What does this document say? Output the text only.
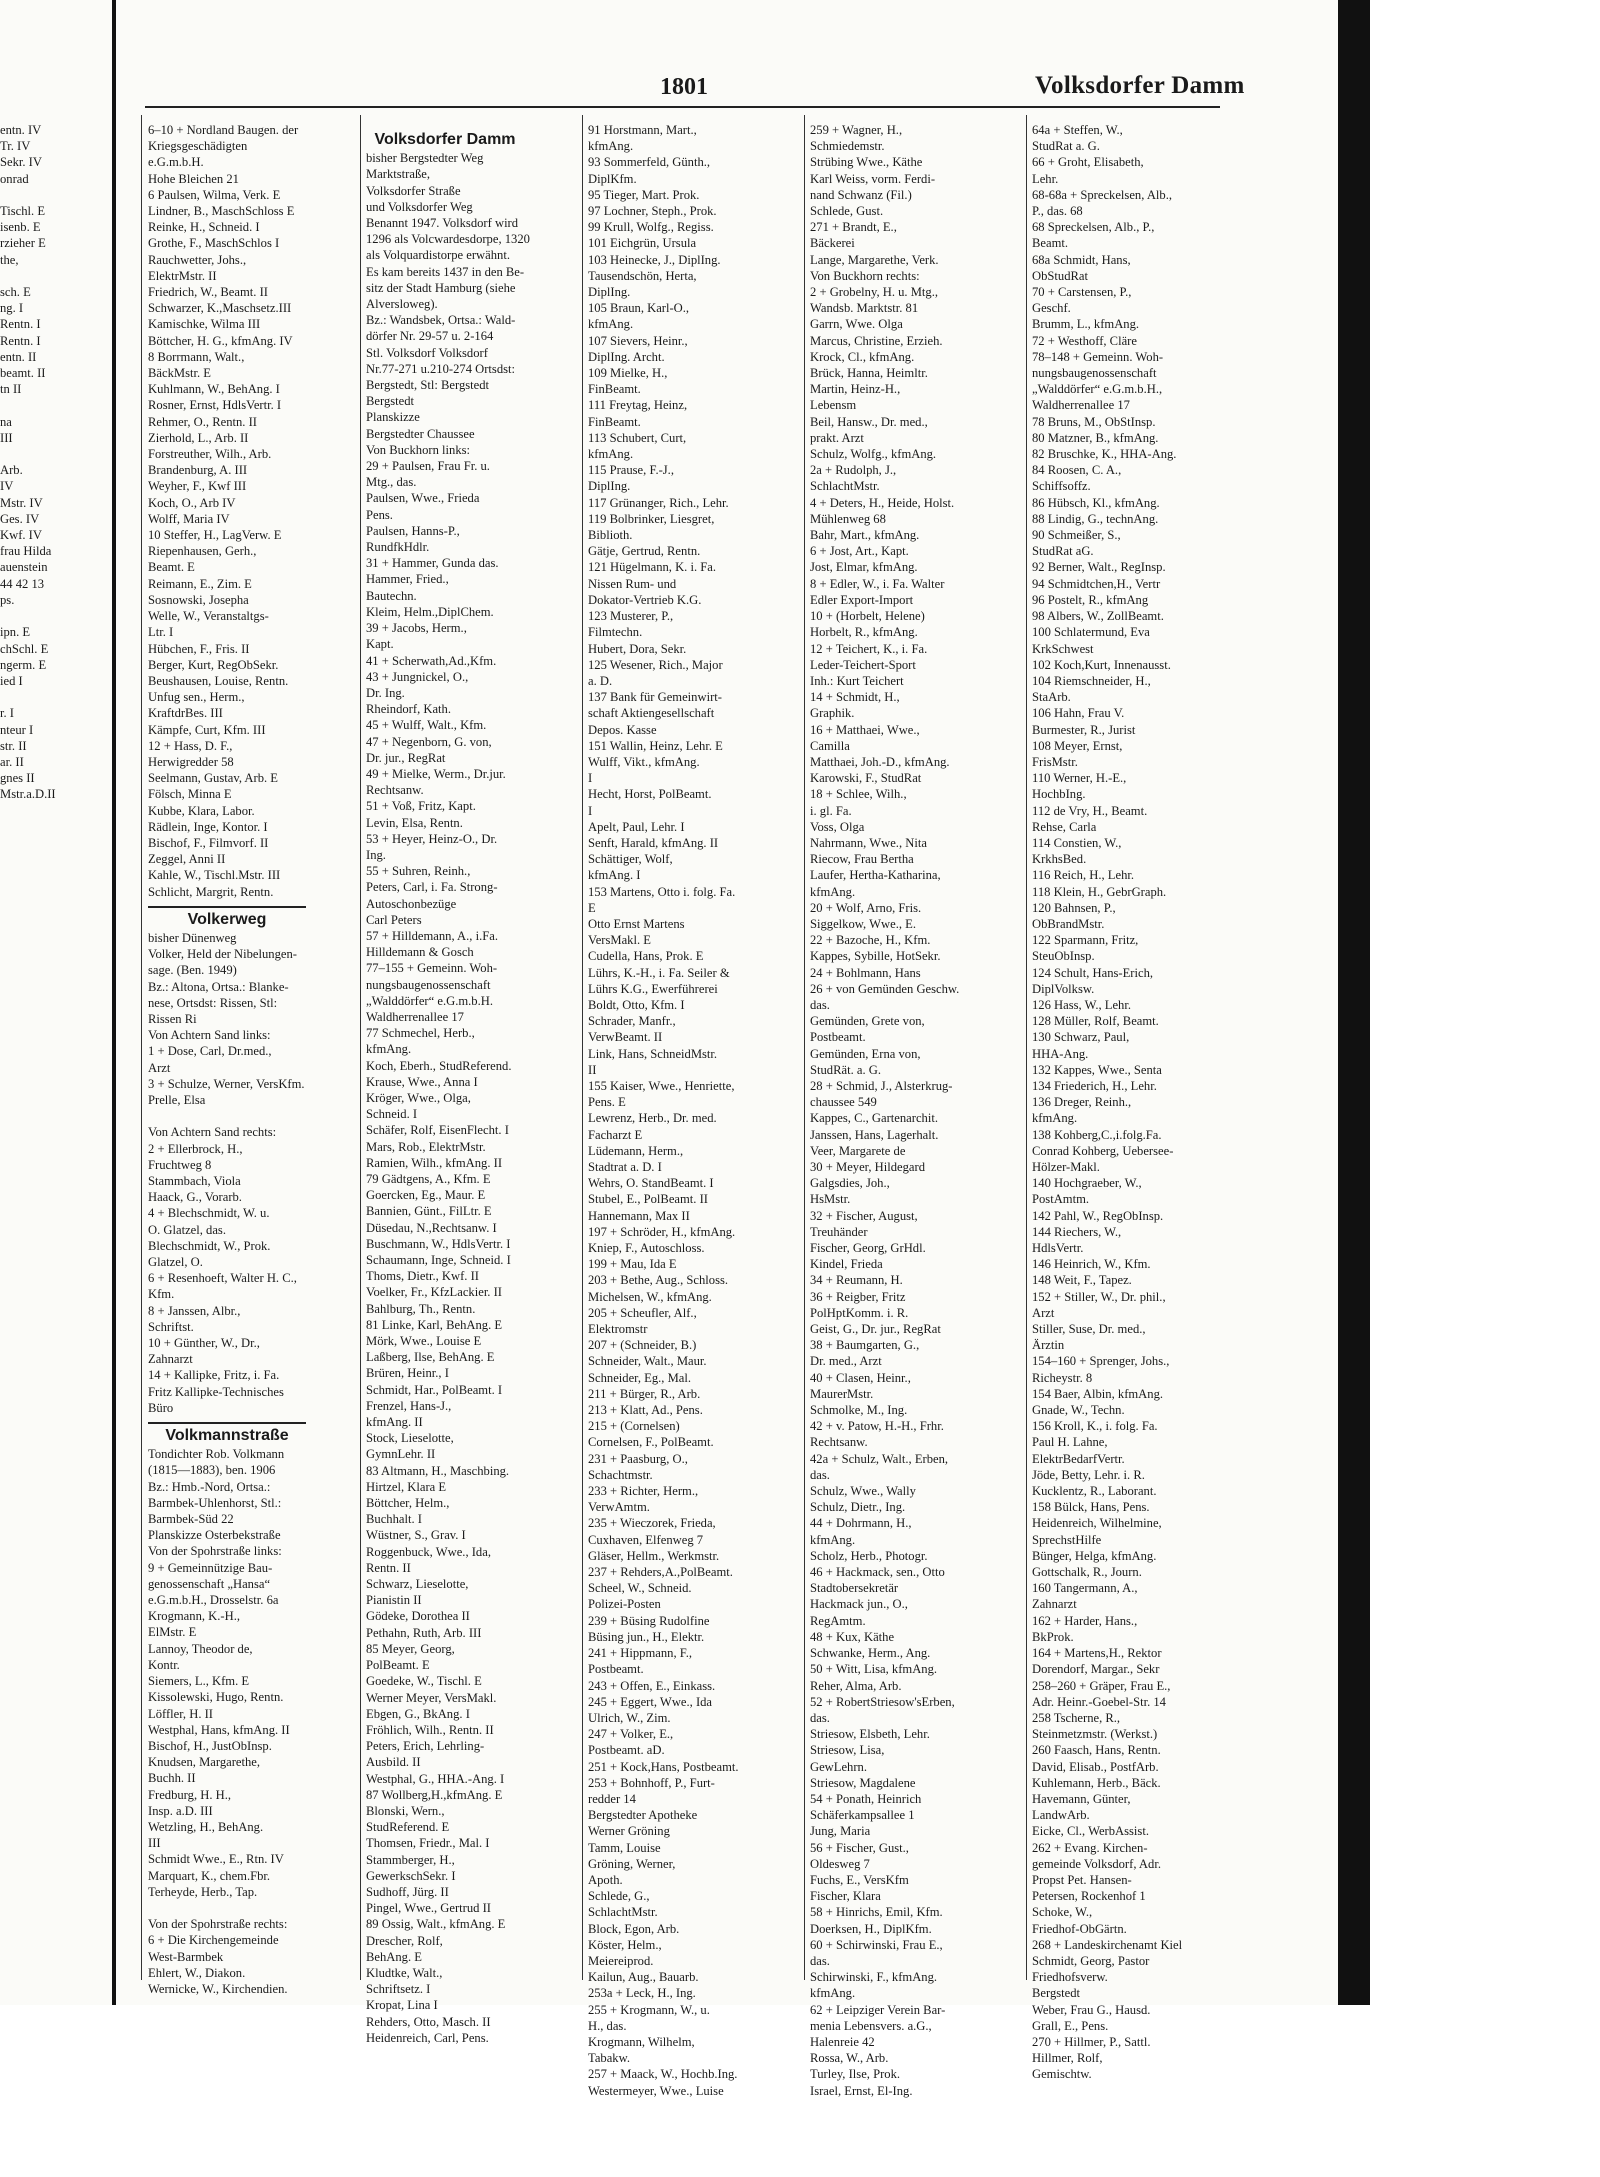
1801	Volksdorfer Damm
entn. IV
Tr. IV
Sekr. IV
onrad

Tischl. E
isenb. E
rzieher E
the,

sch. E
ng. I
Rentn. I
Rentn. I
entn. II
beamt. II
tn II

na
III

Arb.
IV
Mstr. IV
Ges. IV
Kwf. IV
frau Hilda
auenstein
44 42 13
ps.

ipn. E
chSchl. E
ngerm. E
ied I

r. I
nteur I
str. II
ar. II
gnes II
Mstr.a.D.II
6–10 + Nordland Baugen. der
Kriegsgeschädigten
e.G.m.b.H.
Hohe Bleichen 21
6 Paulsen, Wilma, Verk. E
Lindner, B., MaschSchloss E
Reinke, H., Schneid. I
Grothe, F., MaschSchlos I
Rauchwetter, Johs.,
ElektrMstr. II
Friedrich, W., Beamt. II
Schwarzer, K.,Maschsetz.III
Kamischke, Wilma III
Böttcher, H. G., kfmAng. IV
8 Borrmann, Walt.,
BäckMstr. E
Kuhlmann, W., BehAng. I
Rosner, Ernst, HdlsVertr. I
Rehmer, O., Rentn. II
Zierhold, L., Arb. II
Forstreuther, Wilh., Arb.
Brandenburg, A. III
Weyher, F., Kwf III
Koch, O., Arb IV
Wolff, Maria IV
10 Steffer, H., LagVerw. E
Riepenhausen, Gerh.,
Beamt. E
Reimann, E., Zim. E
Sosnowski, Josepha
Welle, W., Veranstaltgs-
Ltr. I
Hübchen, F., Fris. II
Berger, Kurt, RegObSekr.
Beushausen, Louise, Rentn.
Unfug sen., Herm.,
KraftdrBes. III
Kämpfe, Curt, Kfm. III
12 + Hass, D. F.,
Herwigredder 58
Seelmann, Gustav, Arb. E
Fölsch, Minna E
Kubbe, Klara, Labor.
Rädlein, Inge, Kontor. I
Bischof, F., Filmvorf. II
Zeggel, Anni II
Kahle, W., Tischl.Mstr. III
Schlicht, Margrit, Rentn.
Volkerweg
bisher Dünenweg
Volker, Held der Nibelungen-
sage. (Ben. 1949)
Bz.: Altona, Ortsa.: Blanke-
nese, Ortsdst: Rissen, Stl:
Rissen Ri
Von Achtern Sand links:
1 + Dose, Carl, Dr.med.,
Arzt
3 + Schulze, Werner, VersKfm.
Prelle, Elsa

Von Achtern Sand rechts:
2 + Ellerbrock, H.,
Fruchtweg 8
Stammbach, Viola
Haack, G., Vorarb.
4 + Blechschmidt, W. u.
O. Glatzel, das.
Blechschmidt, W., Prok.
Glatzel, O.
6 + Resenhoeft, Walter H. C.,
Kfm.
8 + Janssen, Albr.,
Schriftst.
10 + Günther, W., Dr.,
Zahnarzt
14 + Kallipke, Fritz, i. Fa.
Fritz Kallipke-Technisches
Büro
Volkmannstraße
Tondichter Rob. Volkmann
(1815—1883), ben. 1906
Bz.: Hmb.-Nord, Ortsa.:
Barmbek-Uhlenhorst, Stl.:
Barmbek-Süd 22
Planskizze Osterbekstraße
Von der Spohrstraße links:
9 + Gemeinnützige Bau-
genossenschaft „Hansa“
e.G.m.b.H., Drosselstr. 6a
Krogmann, K.-H.,
ElMstr. E
Lannoy, Theodor de,
Kontr.
Siemers, L., Kfm. E
Kissolewski, Hugo, Rentn.
Löffler, H. II
Westphal, Hans, kfmAng. II
Bischof, H., JustObInsp.
Knudsen, Margarethe,
Buchh. II
Fredburg, H. H.,
Insp. a.D. III
Wetzling, H., BehAng.
III
Schmidt Wwe., E., Rtn. IV
Marquart, K., chem.Fbr.
Terheyde, Herb., Tap.

Von der Spohrstraße rechts:
6 + Die Kirchengemeinde
West-Barmbek
Ehlert, W., Diakon.
Wernicke, W., Kirchendien.
Volksdorfer Damm
bisher Bergstedter Weg
Marktstraße,
Volksdorfer Straße
und Volksdorfer Weg
Benannt 1947. Volksdorf wird
1296 als Volcwardesdorpe, 1320
als Volquardistorpe erwähnt.
Es kam bereits 1437 in den Be-
sitz der Stadt Hamburg (siehe
Alversloweg).
Bz.: Wandsbek, Ortsa.: Wald-
dörfer Nr. 29-57 u. 2-164
Stl. Volksdorf Volksdorf
Nr.77-271 u.210-274 Ortsdst:
Bergstedt, Stl: Bergstedt
Bergstedt
Planskizze
Bergstedter Chaussee
Von Buckhorn links:
29 + Paulsen, Frau Fr. u.
Mtg., das.
Paulsen, Wwe., Frieda
Pens.
Paulsen, Hanns-P.,
RundfkHdlr.
31 + Hammer, Gunda das.
Hammer, Fried.,
Bautechn.
Kleim, Helm.,DiplChem.
39 + Jacobs, Herm.,
Kapt.
41 + Scherwath,Ad.,Kfm.
43 + Jungnickel, O.,
Dr. Ing.
Rheindorf, Kath.
45 + Wulff, Walt., Kfm.
47 + Negenborn, G. von,
Dr. jur., RegRat
49 + Mielke, Werm., Dr.jur.
Rechtsanw.
51 + Voß, Fritz, Kapt.
Levin, Elsa, Rentn.
53 + Heyer, Heinz-O., Dr.
Ing.
55 + Suhren, Reinh.,
Peters, Carl, i. Fa. Strong-
Autoschonbezüge
Carl Peters
57 + Hilldemann, A., i.Fa.
Hilldemann & Gosch
77–155 + Gemeinn. Woh-
nungsbaugenossenschaft
„Walddörfer“ e.G.m.b.H.
Waldherrenallee 17
77 Schmechel, Herb.,
kfmAng.
Koch, Eberh., StudReferend.
Krause, Wwe., Anna I
Kröger, Wwe., Olga,
Schneid. I
Schäfer, Rolf, EisenFlecht. I
Mars, Rob., ElektrMstr.
Ramien, Wilh., kfmAng. II
79 Gädtgens, A., Kfm. E
Goercken, Eg., Maur. E
Bannien, Günt., FilLtr. E
Düsedau, N.,Rechtsanw. I
Buschmann, W., HdlsVertr. I
Schaumann, Inge, Schneid. I
Thoms, Dietr., Kwf. II
Voelker, Fr., KfzLackier. II
Bahlburg, Th., Rentn.
81 Linke, Karl, BehAng. E
Mörk, Wwe., Louise E
Laßberg, Ilse, BehAng. E
Brüren, Heinr., I
Schmidt, Har., PolBeamt. I
Frenzel, Hans-J.,
kfmAng. II
Stock, Lieselotte,
GymnLehr. II
83 Altmann, H., Maschbing.
Hirtzel, Klara E
Böttcher, Helm.,
Buchhalt. I
Wüstner, S., Grav. I
Roggenbuck, Wwe., Ida,
Rentn. II
Schwarz, Lieselotte,
Pianistin II
Gödeke, Dorothea II
Pethahn, Ruth, Arb. III
85 Meyer, Georg,
PolBeamt. E
Goedeke, W., Tischl. E
Werner Meyer, VersMakl.
Ebgen, G., BkAng. I
Fröhlich, Wilh., Rentn. II
Peters, Erich, Lehrling-
Ausbild. II
Westphal, G., HHA.-Ang. I
87 Wollberg,H.,kfmAng. E
Blonski, Wern.,
StudReferend. E
Thomsen, Friedr., Mal. I
Stammberger, H.,
GewerkschSekr. I
Sudhoff, Jürg. II
Pingel, Wwe., Gertrud II
89 Ossig, Walt., kfmAng. E
Drescher, Rolf,
BehAng. E
Kludtke, Walt.,
Schriftsetz. I
Kropat, Lina I
Rehders, Otto, Masch. II
Heidenreich, Carl, Pens.
91 Horstmann, Mart.,
kfmAng.
93 Sommerfeld, Günth.,
DiplKfm.
95 Tieger, Mart. Prok.
97 Lochner, Steph., Prok.
99 Krull, Wolfg., Regiss.
101 Eichgrün, Ursula
103 Heinecke, J., DiplIng.
Tausendschön, Herta,
DiplIng.
105 Braun, Karl-O.,
kfmAng.
107 Sievers, Heinr.,
DiplIng. Archt.
109 Mielke, H.,
FinBeamt.
111 Freytag, Heinz,
FinBeamt.
113 Schubert, Curt,
kfmAng.
115 Prause, F.-J.,
DiplIng.
117 Grünanger, Rich., Lehr.
119 Bolbrinker, Liesgret,
Biblioth.
Gätje, Gertrud, Rentn.
121 Hügelmann, K. i. Fa.
Nissen Rum- und
Dokator-Vertrieb K.G.
123 Musterer, P.,
Filmtechn.
Hubert, Dora, Sekr.
125 Wesener, Rich., Major
a. D.
137 Bank für Gemeinwirt-
schaft Aktiengesellschaft
Depos. Kasse
151 Wallin, Heinz, Lehr. E
Wulff, Vikt., kfmAng.
I
Hecht, Horst, PolBeamt.
I
Apelt, Paul, Lehr. I
Senft, Harald, kfmAng. II
Schättiger, Wolf,
kfmAng. I
153 Martens, Otto i. folg. Fa.
E
Otto Ernst Martens
VersMakl. E
Cudella, Hans, Prok. E
Lührs, K.-H., i. Fa. Seiler &
Lührs K.G., Ewerführerei
Boldt, Otto, Kfm. I
Schrader, Manfr.,
VerwBeamt. II
Link, Hans, SchneidMstr.
II
155 Kaiser, Wwe., Henriette,
Pens. E
Lewrenz, Herb., Dr. med.
Facharzt E
Lüdemann, Herm.,
Stadtrat a. D. I
Wehrs, O. StandBeamt. I
Stubel, E., PolBeamt. II
Hannemann, Max II
197 + Schröder, H., kfmAng.
Kniep, F., Autoschloss.
199 + Mau, Ida E
203 + Bethe, Aug., Schloss.
Michelsen, W., kfmAng.
205 + Scheufler, Alf.,
Elektromstr
207 + (Schneider, B.)
Schneider, Walt., Maur.
Schneider, Eg., Mal.
211 + Bürger, R., Arb.
213 + Klatt, Ad., Pens.
215 + (Cornelsen)
Cornelsen, F., PolBeamt.
231 + Paasburg, O.,
Schachtmstr.
233 + Richter, Herm.,
VerwAmtm.
235 + Wieczorek, Frieda,
Cuxhaven, Elfenweg 7
Gläser, Hellm., Werkmstr.
237 + Rehders,A.,PolBeamt.
Scheel, W., Schneid.
Polizei-Posten
239 + Büsing Rudolfine
Büsing jun., H., Elektr.
241 + Hippmann, F.,
Postbeamt.
243 + Offen, E., Einkass.
245 + Eggert, Wwe., Ida
Ulrich, W., Zim.
247 + Volker, E.,
Postbeamt. aD.
251 + Kock,Hans, Postbeamt.
253 + Bohnhoff, P., Furt-
redder 14
Bergstedter Apotheke
Werner Gröning
Tamm, Louise
Gröning, Werner,
Apoth.
Schlede, G.,
SchlachtMstr.
Block, Egon, Arb.
Köster, Helm.,
Meiereiprod.
Kailun, Aug., Bauarb.
253a + Leck, H., Ing.
255 + Krogmann, W., u.
H., das.
Krogmann, Wilhelm,
Tabakw.
257 + Maack, W., Hochb.Ing.
Westermeyer, Wwe., Luise
259 + Wagner, H.,
Schmiedemstr.
Strübing Wwe., Käthe
Karl Weiss, vorm. Ferdi-
nand Schwanz (Fil.)
Schlede, Gust.
271 + Brandt, E.,
Bäckerei
Lange, Margarethe, Verk.
Von Buckhorn rechts:
2 + Grobelny, H. u. Mtg.,
Wandsb. Marktstr. 81
Garrn, Wwe. Olga
Marcus, Christine, Erzieh.
Krock, Cl., kfmAng.
Brück, Hanna, Heimltr.
Martin, Heinz-H.,
Lebensm
Beil, Hansw., Dr. med.,
prakt. Arzt
Schulz, Wolfg., kfmAng.
2a + Rudolph, J.,
SchlachtMstr.
4 + Deters, H., Heide, Holst.
Mühlenweg 68
Bahr, Mart., kfmAng.
6 + Jost, Art., Kapt.
Jost, Elmar, kfmAng.
8 + Edler, W., i. Fa. Walter
Edler Export-Import
10 + (Horbelt, Helene)
Horbelt, R., kfmAng.
12 + Teichert, K., i. Fa.
Leder-Teichert-Sport
Inh.: Kurt Teichert
14 + Schmidt, H.,
Graphik.
16 + Matthaei, Wwe.,
Camilla
Matthaei, Joh.-D., kfmAng.
Karowski, F., StudRat
18 + Schlee, Wilh.,
i. gl. Fa.
Voss, Olga
Nahrmann, Wwe., Nita
Riecow, Frau Bertha
Laufer, Hertha-Katharina,
kfmAng.
20 + Wolf, Arno, Fris.
Siggelkow, Wwe., E.
22 + Bazoche, H., Kfm.
Kappes, Sybille, HotSekr.
24 + Bohlmann, Hans
26 + von Gemünden Geschw.
das.
Gemünden, Grete von,
Postbeamt.
Gemünden, Erna von,
StudRät. a. G.
28 + Schmid, J., Alsterkrug-
chaussee 549
Kappes, C., Gartenarchit.
Janssen, Hans, Lagerhalt.
Veer, Margarete de
30 + Meyer, Hildegard
Galgsdies, Joh.,
HsMstr.
32 + Fischer, August,
Treuhänder
Fischer, Georg, GrHdl.
Kindel, Frieda
34 + Reumann, H.
36 + Reigber, Fritz
PolHptKomm. i. R.
Geist, G., Dr. jur., RegRat
38 + Baumgarten, G.,
Dr. med., Arzt
40 + Clasen, Heinr.,
MaurerMstr.
Schmolke, M., Ing.
42 + v. Patow, H.-H., Frhr.
Rechtsanw.
42a + Schulz, Walt., Erben,
das.
Schulz, Wwe., Wally
Schulz, Dietr., Ing.
44 + Dohrmann, H.,
kfmAng.
Scholz, Herb., Photogr.
46 + Hackmack, sen., Otto
Stadtobersekretär
Hackmack jun., O.,
RegAmtm.
48 + Kux, Käthe
Schwanke, Herm., Ang.
50 + Witt, Lisa, kfmAng.
Reher, Alma, Arb.
52 + RobertStriesow'sErben,
das.
Striesow, Elsbeth, Lehr.
Striesow, Lisa,
GewLehrn.
Striesow, Magdalene
54 + Ponath, Heinrich
Schäferkampsallee 1
Jung, Maria
56 + Fischer, Gust.,
Oldesweg 7
Fuchs, E., VersKfm
Fischer, Klara
58 + Hinrichs, Emil, Kfm.
Doerksen, H., DiplKfm.
60 + Schirwinski, Frau E.,
das.
Schirwinski, F., kfmAng.
kfmAng.
62 + Leipziger Verein Bar-
menia Lebensvers. a.G.,
Halenreie 42
Rossa, W., Arb.
Turley, Ilse, Prok.
Israel, Ernst, El-Ing.
64a + Steffen, W.,
StudRat a. G.
66 + Groht, Elisabeth,
Lehr.
68-68a + Spreckelsen, Alb.,
P., das. 68
68 Spreckelsen, Alb., P.,
Beamt.
68a Schmidt, Hans,
ObStudRat
70 + Carstensen, P.,
Geschf.
Brumm, L., kfmAng.
72 + Westhoff, Cläre
78–148 + Gemeinn. Woh-
nungsbaugenossenschaft
„Walddörfer“ e.G.m.b.H.,
Waldherrenallee 17
78 Bruns, M., ObStInsp.
80 Matzner, B., kfmAng.
82 Bruschke, K., HHA-Ang.
84 Roosen, C. A.,
Schiffsoffz.
86 Hübsch, Kl., kfmAng.
88 Lindig, G., technAng.
90 Schmeißer, S.,
StudRat aG.
92 Berner, Walt., RegInsp.
94 Schmidtchen,H., Vertr
96 Postelt, R., kfmAng
98 Albers, W., ZollBeamt.
100 Schlatermund, Eva
KrkSchwest
102 Koch,Kurt, Innenausst.
104 Riemschneider, H.,
StaArb.
106 Hahn, Frau V.
Burmester, R., Jurist
108 Meyer, Ernst,
FrisMstr.
110 Werner, H.-E.,
HochbIng.
112 de Vry, H., Beamt.
Rehse, Carla
114 Constien, W.,
KrkhsBed.
116 Reich, H., Lehr.
118 Klein, H., GebrGraph.
120 Bahnsen, P.,
ObBrandMstr.
122 Sparmann, Fritz,
SteuObInsp.
124 Schult, Hans-Erich,
DiplVolksw.
126 Hass, W., Lehr.
128 Müller, Rolf, Beamt.
130 Schwarz, Paul,
HHA-Ang.
132 Kappes, Wwe., Senta
134 Friederich, H., Lehr.
136 Dreger, Reinh.,
kfmAng.
138 Kohberg,C.,i.folg.Fa.
Conrad Kohberg, Uebersee-
Hölzer-Makl.
140 Hochgraeber, W.,
PostAmtm.
142 Pahl, W., RegObInsp.
144 Riechers, W.,
HdlsVertr.
146 Heinrich, W., Kfm.
148 Weit, F., Tapez.
152 + Stiller, W., Dr. phil.,
Arzt
Stiller, Suse, Dr. med.,
Ärztin
154–160 + Sprenger, Johs.,
Richeystr. 8
154 Baer, Albin, kfmAng.
Gnade, W., Techn.
156 Kroll, K., i. folg. Fa.
Paul H. Lahne,
ElektrBedarfVertr.
Jöde, Betty, Lehr. i. R.
Kucklentz, R., Laborant.
158 Bülck, Hans, Pens.
Heidenreich, Wilhelmine,
SprechstHilfe
Bünger, Helga, kfmAng.
Gottschalk, R., Journ.
160 Tangermann, A.,
Zahnarzt
162 + Harder, Hans.,
BkProk.
164 + Martens,H., Rektor
Dorendorf, Margar., Sekr
258–260 + Gräper, Frau E.,
Adr. Heinr.-Goebel-Str. 14
258 Tscherne, R.,
Steinmetzmstr. (Werkst.)
260 Faasch, Hans, Rentn.
David, Elisab., PostfArb.
Kuhlemann, Herb., Bäck.
Havemann, Günter,
LandwArb.
Eicke, Cl., WerbAssist.
262 + Evang. Kirchen-
gemeinde Volksdorf, Adr.
Propst Pet. Hansen-
Petersen, Rockenhof 1
Schoke, W.,
Friedhof-ObGärtn.
268 + Landeskirchenamt Kiel
Schmidt, Georg, Pastor
Friedhofsverw.
Bergstedt
Weber, Frau G., Hausd.
Grall, E., Pens.
270 + Hillmer, P., Sattl.
Hillmer, Rolf,
Gemischtw.
